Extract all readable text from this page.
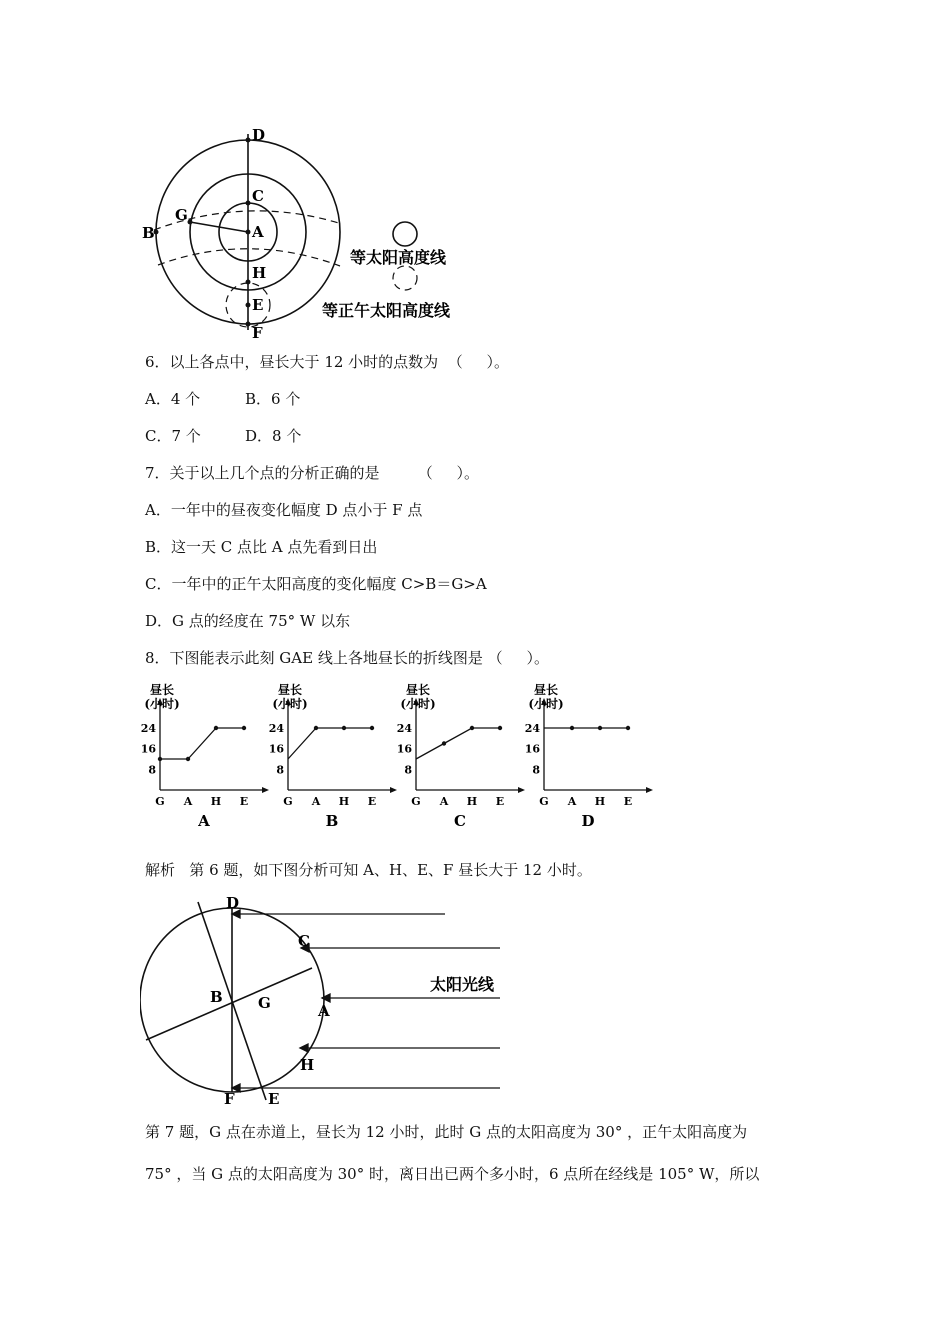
D
C
G
A
B
H
E
F
等太阳高度线
等正午太阳高度线
6．以上各点中，昼长大于 12 小时的点数为  （     ）。
A．4 个	B．6 个
C．7 个	D．8 个
7．关于以上几个点的分析正确的是        （     ）。
A．一年中的昼夜变化幅度 D 点小于 F 点
B．这一天 C 点比 A 点先看到日出
C．一年中的正午太阳高度的变化幅度 C>B＝G>A
D．G 点的经度在 75° W 以东
8．下图能表示此刻 GAE 线上各地昼长的折线图是 （     ）。
昼长
(小时)
8
16
24
G A H E
A
昼长
(小时)
8
16
24
G A H E
B
昼长
(小时)
8
16
24
G A H E
C
昼长
(小时)
8
16
24
G A H E
D
解析   第 6 题，如下图分析可知 A、H、E、F 昼长大于 12 小时。
D
C
B G	A
H
F E
太阳光线
第 7 题，G 点在赤道上，昼长为 12 小时，此时 G 点的太阳高度为 30° ，正午太阳高度为
75° ，当 G 点的太阳高度为 30° 时，离日出已两个多小时，6 点所在经线是 105° W，所以
